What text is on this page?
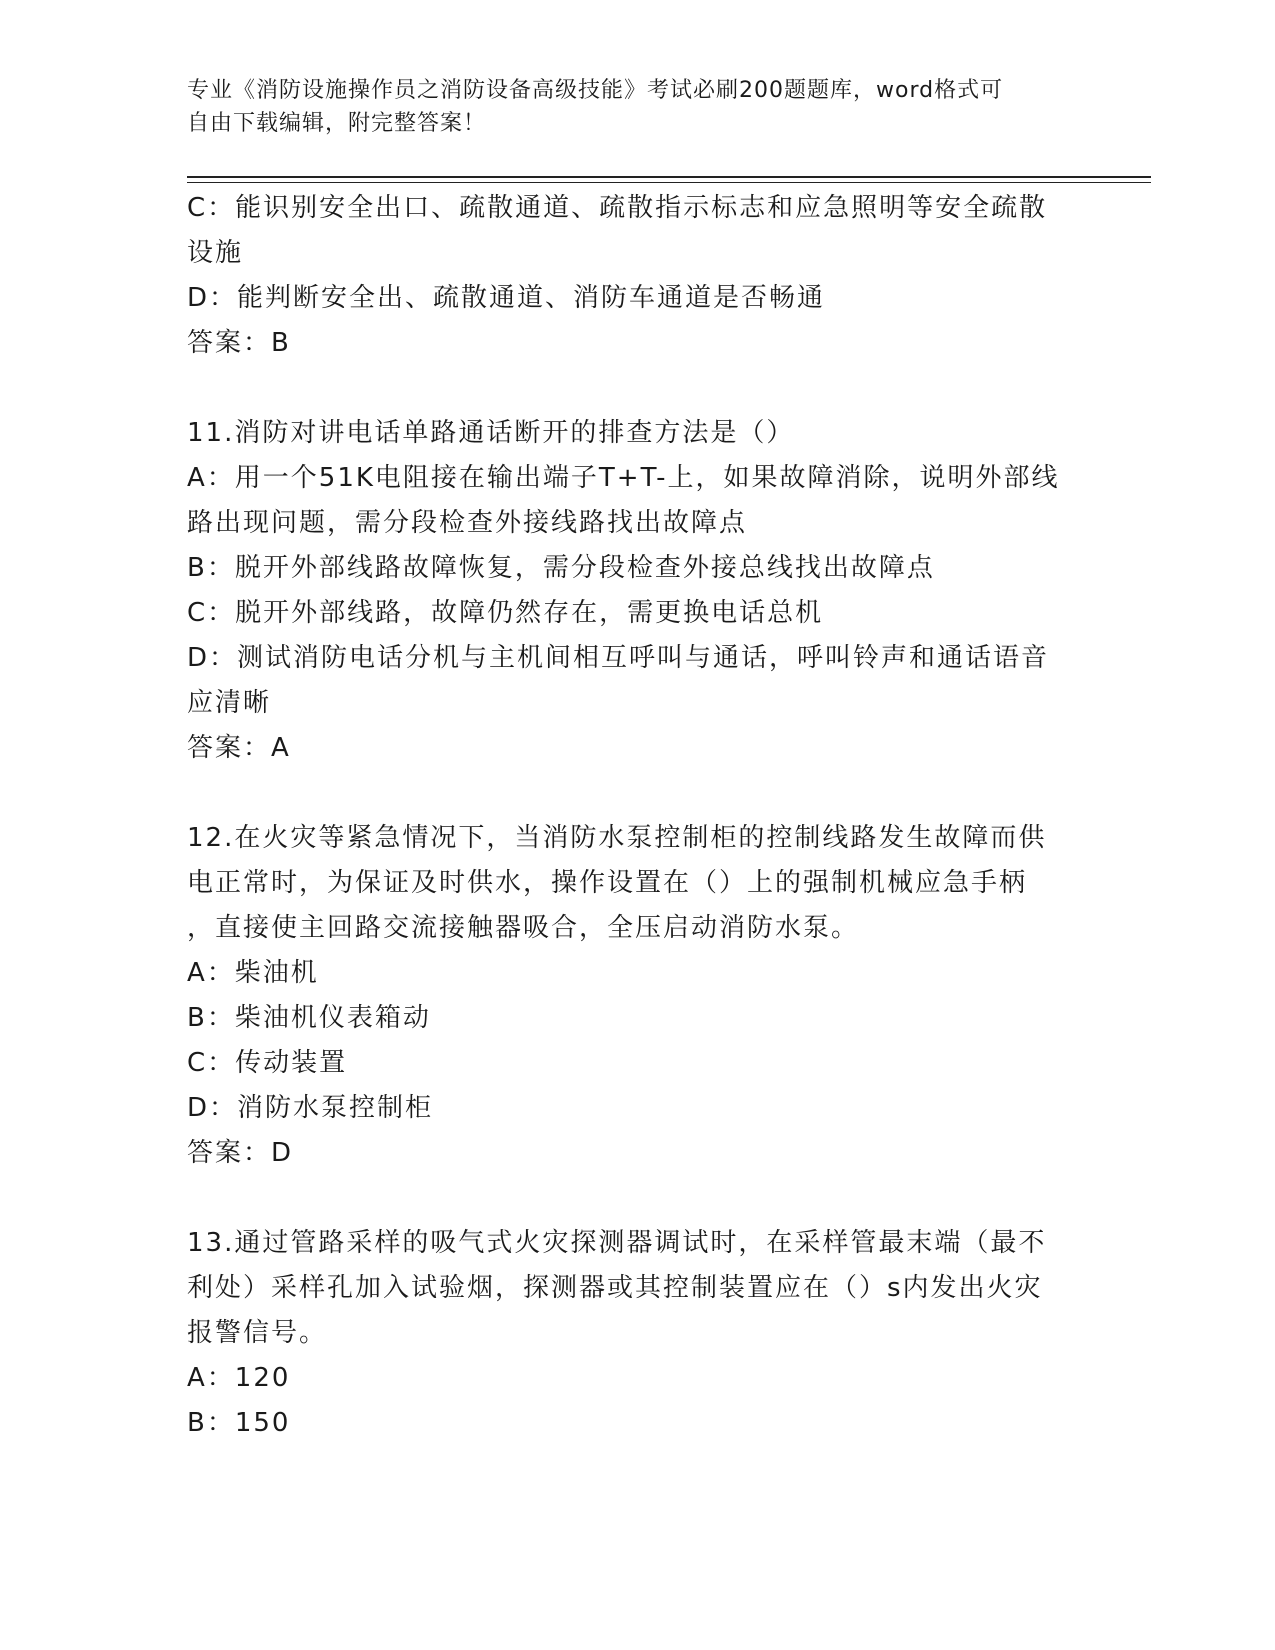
专业《消防设施操作员之消防设备高级技能》考试必刷200题题库，word格式可
自由下载编辑，附完整答案！
C：能识别安全出口、疏散通道、疏散指示标志和应急照明等安全疏散
设施
D：能判断安全出、疏散通道、消防车通道是否畅通
答案：B
11.消防对讲电话单路通话断开的排查方法是（）
A：用一个51K电阻接在输出端子T+T-上，如果故障消除，说明外部线
路出现问题，需分段检查外接线路找出故障点
B：脱开外部线路故障恢复，需分段检查外接总线找出故障点
C：脱开外部线路，故障仍然存在，需更换电话总机
D：测试消防电话分机与主机间相互呼叫与通话，呼叫铃声和通话语音
应清晰
答案：A
12.在火灾等紧急情况下，当消防水泵控制柜的控制线路发生故障而供
电正常时，为保证及时供水，操作设置在（）上的强制机械应急手柄
，直接使主回路交流接触器吸合，全压启动消防水泵。
A：柴油机
B：柴油机仪表箱动
C：传动装置
D：消防水泵控制柜
答案：D
13.通过管路采样的吸气式火灾探测器调试时，在采样管最末端（最不
利处）采样孔加入试验烟，探测器或其控制装置应在（）s内发出火灾
报警信号。
A：120
B：150
